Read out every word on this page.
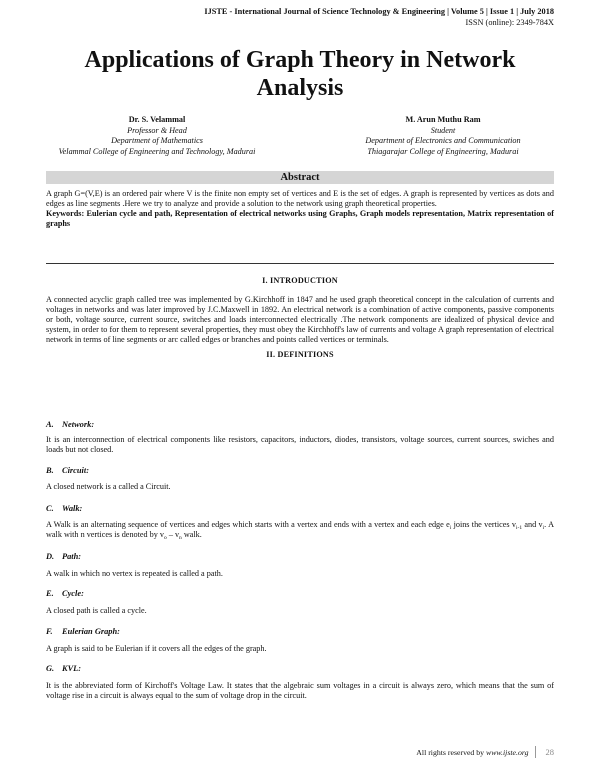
IJSTE - International Journal of Science Technology & Engineering | Volume 5 | Issue 1 | July 2018
ISSN (online): 2349-784X
Applications of Graph Theory in Network
Analysis
Dr. S. Velammal
Professor & Head
Department of Mathematics
Velammal College of Engineering and Technology, Madurai
M. Arun Muthu Ram
Student
Department of Electronics and Communication
Thiagarajar College of Engineering, Madurai
Abstract
A graph G=(V,E) is an ordered pair where V is the finite non empty set of vertices and E is the set of edges. A graph is represented by vertices as dots and edges as line segments .Here we try to analyze and provide a solution to the network using graph theoretical properties.
Keywords: Eulerian cycle and path, Representation of electrical networks using Graphs, Graph models representation, Matrix representation of graphs
I. INTRODUCTION
A connected acyclic graph called tree was implemented by G.Kirchhoff in 1847 and he used graph theoretical concept in the calculation of currents and voltages in networks and was later improved by J.C.Maxwell in 1892. An electrical network is a combination of active components, passive components or both, voltage source, current source, switches and loads interconnected electrically .The network components are idealized of physical device and system, in order to for them to represent several properties, they must obey the Kirchhoff's law of currents and voltage A graph representation of electrical network in terms of line segments or arc called edges or branches and points called vertices or terminals.
II. DEFINITIONS
A. Network:
It is an interconnection of electrical components like resistors, capacitors, inductors, diodes, transistors, voltage sources, current sources, swiches and loads but not closed.
B. Circuit:
A closed network is a called a Circuit.
C. Walk:
A Walk is an alternating sequence of vertices and edges which starts with a vertex and ends with a vertex and each edge $e_i$ joins the vertices $v_{i-1}$ and $v_i$. A walk with n vertices is denoted by $v_o - v_n$ walk.
D. Path:
A walk in which no vertex is repeated is called a path.
E. Cycle:
A closed path is called a cycle.
F. Eulerian Graph:
A graph is said to be Eulerian if it covers all the edges of the graph.
G. KVL:
It is the abbreviated form of Kirchoff's Voltage Law. It states that the algebraic sum voltages in a circuit is always zero, which means that the sum of voltage rise in a circuit is always equal to the sum of voltage drop in the circuit.
All rights reserved by www.ijste.org 28
